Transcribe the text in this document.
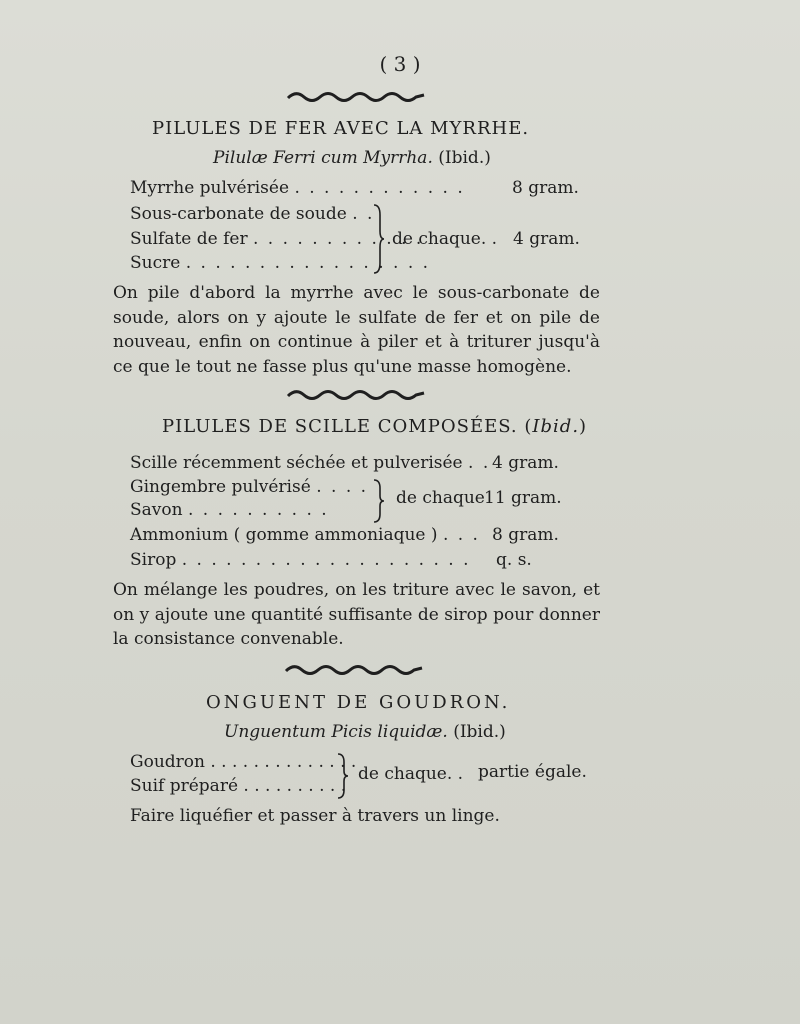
( 3 )
PILULES DE FER AVEC LA MYRRHE.
Pilulæ Ferri cum Myrrha. (Ibid.)
Myrrhe pulvérisée . . . . . . . . . . . .	8 gram.
Sous-carbonate de soude . .
Sulfate de fer . . . . . . . . . . . .
Sucre . . . . . . . . . . . . . . . . .
de chaque. . 4 gram.
On pile d'abord la myrrhe avec le sous-carbonate de soude, alors on y ajoute le sulfate de fer et on pile de nouveau, enfin on continue à piler et à triturer jusqu'à ce que le tout ne fasse plus qu'une masse homogène.
PILULES DE SCILLE COMPOSÉES. (Ibid.)
Scille récemment séchée et pulverisée . . 4 gram.
Gingembre pulvérisé . . . .
Savon . . . . . . . . . .
de chaque 11 gram.
Ammonium ( gomme ammoniaque ) . . . 8 gram.
Sirop . . . . . . . . . . . . . . . . . . . . q. s.
On mélange les poudres, on les triture avec le savon, et on y ajoute une quantité suffisante de sirop pour donner la consistance convenable.
ONGUENT DE GOUDRON.
Unguentum Picis liquidæ. (Ibid.)
Goudron . . . . . . . . . . . . . .
Suif préparé . . . . . . . . . .
de chaque. . partie égale.
Faire liquéfier et passer à travers un linge.
